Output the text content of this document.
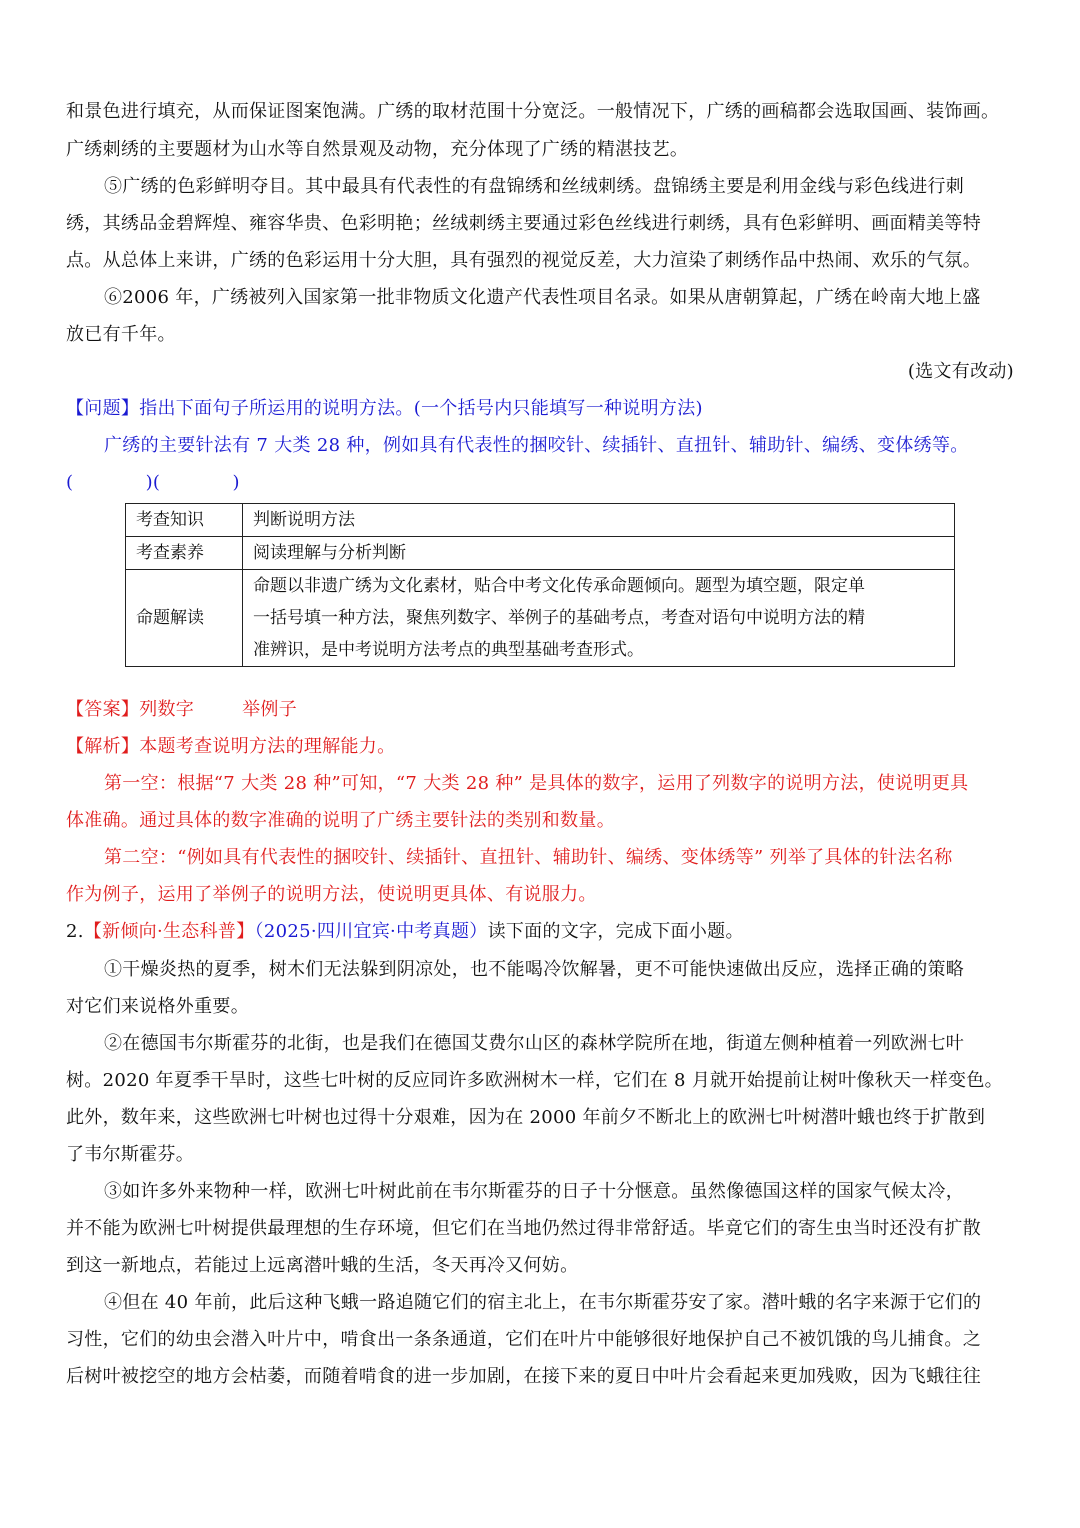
和景色进行填充，从而保证图案饱满。广绣的取材范围十分宽泛。一般情况下，广绣的画稿都会选取国画、装饰画。
广绣刺绣的主要题材为山水等自然景观及动物，充分体现了广绣的精湛技艺。
⑤广绣的色彩鲜明夺目。其中最具有代表性的有盘锦绣和丝绒刺绣。盘锦绣主要是利用金线与彩色线进行刺
绣，其绣品金碧辉煌、雍容华贵、色彩明艳；丝绒刺绣主要通过彩色丝线进行刺绣，具有色彩鲜明、画面精美等特
点。从总体上来讲，广绣的色彩运用十分大胆，具有强烈的视觉反差，大力渲染了刺绣作品中热闹、欢乐的气氛。
⑥2006 年，广绣被列入国家第一批非物质文化遗产代表性项目名录。如果从唐朝算起，广绣在岭南大地上盛
放已有千年。
(选文有改动)
【问题】指出下面句子所运用的说明方法。(一个括号内只能填写一种说明方法)
广绣的主要针法有 7 大类 28 种，例如具有代表性的捆咬针、续插针、直扭针、辅助针、编绣、变体绣等。
(            )(            )
考查知识	判断说明方法
考查素养	阅读理解与分析判断
命题解读	命题以非遗广绣为文化素材，贴合中考文化传承命题倾向。题型为填空题，限定单
一括号填一种方法，聚焦列数字、举例子的基础考点，考查对语句中说明方法的精
准辨识，是中考说明方法考点的典型基础考查形式。
【答案】列数字	举例子
【解析】本题考查说明方法的理解能力。
第一空：根据“7 大类 28 种”可知，“7 大类 28 种” 是具体的数字，运用了列数字的说明方法，使说明更具
体准确。通过具体的数字准确的说明了广绣主要针法的类别和数量。
第二空：“例如具有代表性的捆咬针、续插针、直扭针、辅助针、编绣、变体绣等” 列举了具体的针法名称
作为例子，运用了举例子的说明方法，使说明更具体、有说服力。
2.【新倾向·生态科普】（2025·四川宜宾·中考真题）读下面的文字，完成下面小题。
①干燥炎热的夏季，树木们无法躲到阴凉处，也不能喝冷饮解暑，更不可能快速做出反应，选择正确的策略
对它们来说格外重要。
②在德国韦尔斯霍芬的北街，也是我们在德国艾费尔山区的森林学院所在地，街道左侧种植着一列欧洲七叶
树。2020 年夏季干旱时，这些七叶树的反应同许多欧洲树木一样，它们在 8 月就开始提前让树叶像秋天一样变色。
此外，数年来，这些欧洲七叶树也过得十分艰难，因为在 2000 年前夕不断北上的欧洲七叶树潜叶蛾也终于扩散到
了韦尔斯霍芬。
③如许多外来物种一样，欧洲七叶树此前在韦尔斯霍芬的日子十分惬意。虽然像德国这样的国家气候太冷，
并不能为欧洲七叶树提供最理想的生存环境，但它们在当地仍然过得非常舒适。毕竟它们的寄生虫当时还没有扩散
到这一新地点，若能过上远离潜叶蛾的生活，冬天再冷又何妨。
④但在 40 年前，此后这种飞蛾一路追随它们的宿主北上，在韦尔斯霍芬安了家。潜叶蛾的名字来源于它们的
习性，它们的幼虫会潜入叶片中，啃食出一条条通道，它们在叶片中能够很好地保护自己不被饥饿的鸟儿捕食。之
后树叶被挖空的地方会枯萎，而随着啃食的进一步加剧，在接下来的夏日中叶片会看起来更加残败，因为飞蛾往往
